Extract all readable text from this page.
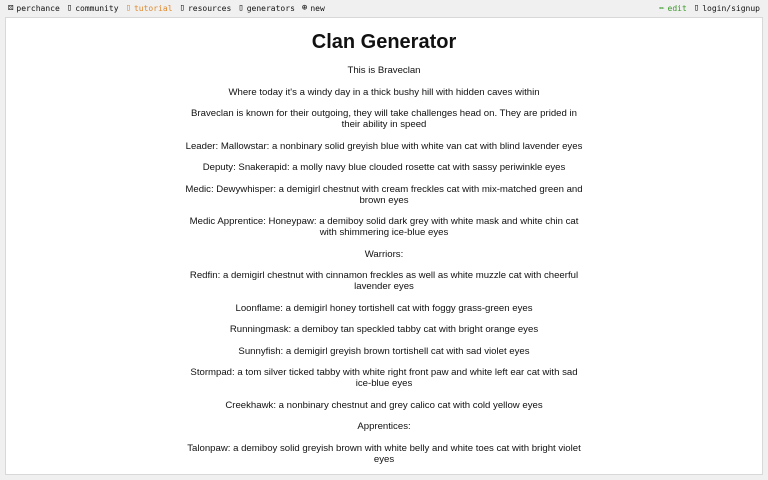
⚄ perchance ▯ community ▯ tutorial ▯ resources ▯ generators ⊕ new	✏ edit ▯ login/signup
Clan Generator

This is Braveclan

Where today it's a windy day in a thick bushy hill with hidden caves within

Braveclan is known for their outgoing, they will take challenges head on. They are prided in their ability in speed

Leader: Mallowstar: a nonbinary solid greyish blue with white van cat with blind lavender eyes

Deputy: Snakerapid: a molly navy blue clouded rosette cat with sassy periwinkle eyes

Medic: Dewywhisper: a demigirl chestnut with cream freckles cat with mix-matched green and brown eyes

Medic Apprentice: Honeypaw: a demiboy solid dark grey with white mask and white chin cat with shimmering ice-blue eyes

Warriors:

Redfin: a demigirl chestnut with cinnamon freckles as well as white muzzle cat with cheerful lavender eyes

Loonflame: a demigirl honey tortishell cat with foggy grass-green eyes

Runningmask: a demiboy tan speckled tabby cat with bright orange eyes

Sunnyfish: a demigirl greyish brown tortishell cat with sad violet eyes

Stormpad: a tom silver ticked tabby with white right front paw and white left ear cat with sad ice-blue eyes

Creekhawk: a nonbinary chestnut and grey calico cat with cold yellow eyes

Apprentices:

Talonpaw: a demiboy solid greyish brown with white belly and white toes cat with bright violet eyes
